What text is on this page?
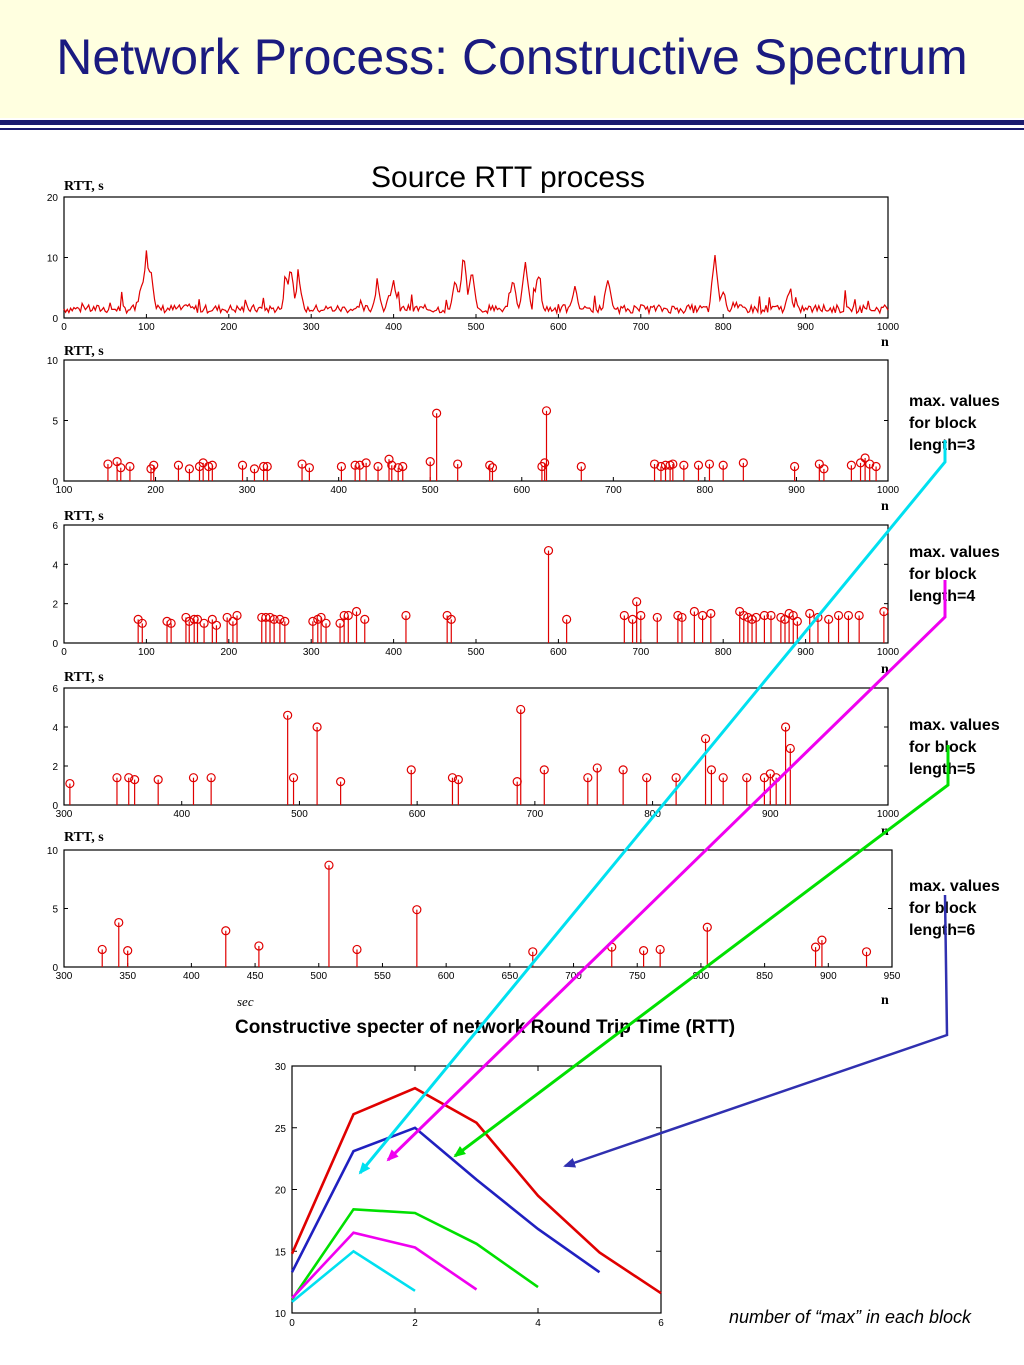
Network Process: Constructive Spectrum
Source RTT process
sec
Constructive specter of network Round Trip Time (RTT)
number of “max” in each block
0	100	200	300	400	500	600	700	800	900	1000
0
10
20
RTT, s
n
100	200	300	400	500	600	700	800	900	1000
0
5
10
RTT, s
n
max. values
for block
length=3
0	100	200	300	400	500	600	700	800	900	1000
0
2
4
6
RTT, s
n
max. values
for block
length=4
300	400	500	600	700	800	900	1000
0
2
4
6
RTT, s
n
max. values
for block
length=5
300	350	400	450	500	550	600	650	700	750	800	850	900	950
0
5
10
RTT, s
n
max. values
for block
length=6
10
15
20
25
30
0	2	4	6
